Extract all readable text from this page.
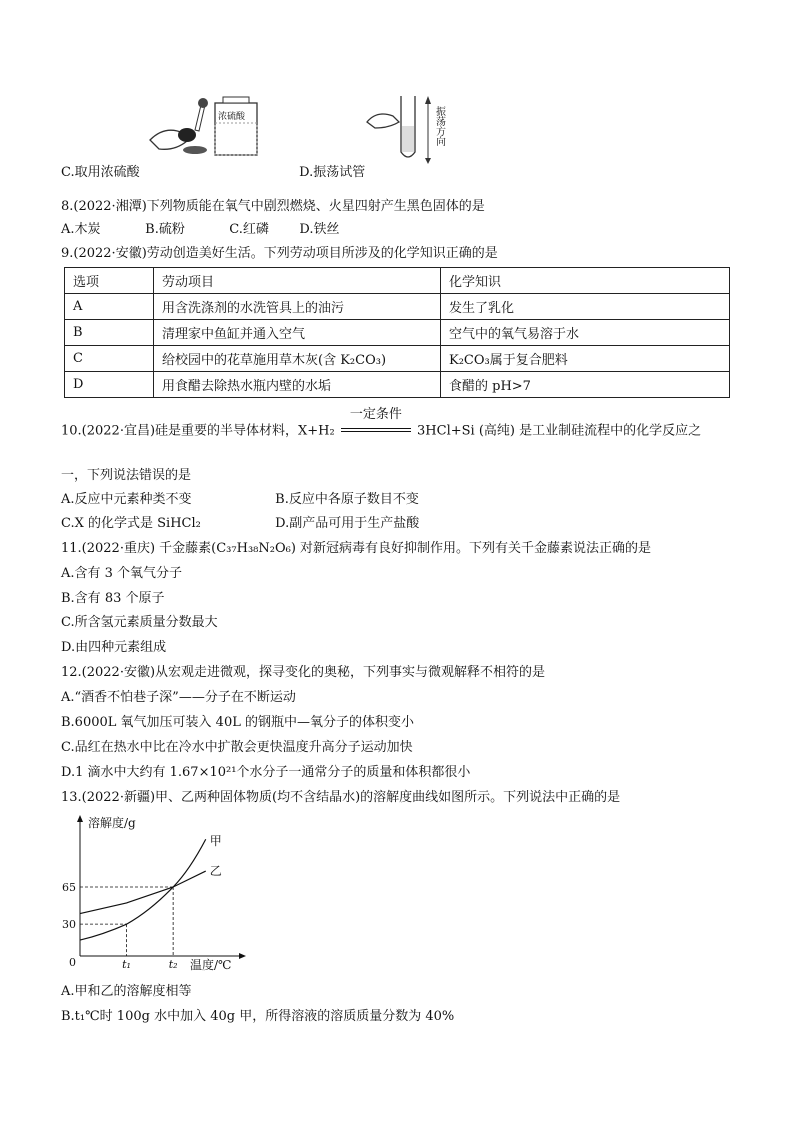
浓硫酸	振荡方向
C.取用浓硫酸	D.振荡试管
8.(2022·湘潭)下列物质能在氧气中剧烈燃烧、火星四射产生黑色固体的是
A.木炭	B.硫粉	C.红磷 D.铁丝
9.(2022·安徽)劳动创造美好生活。下列劳动项目所涉及的化学知识正确的是
选项	劳动项目	化学知识
A	用含洗涤剂的水洗管具上的油污	发生了乳化
B	清理家中鱼缸并通入空气	空气中的氧气易溶于水
C	给校园中的花草施用草木灰(含 K₂CO₃)	K₂CO₃属于复合肥料
D	用食醋去除热水瓶内壁的水垢	食醋的 pH>7
10.(2022·宜昌)硅是重要的半导体材料，X+H₂
一定条件
3HCl+Si (高纯) 是工业制硅流程中的化学反应之
一，下列说法错误的是
A.反应中元素种类不变	B.反应中各原子数目不变
C.X 的化学式是 SiHCl₂	D.副产品可用于生产盐酸
11.(2022·重庆) 千金藤素(C₃₇H₃₈N₂O₆) 对新冠病毒有良好抑制作用。下列有关千金藤素说法正确的是
A.含有 3 个氧气分子
B.含有 83 个原子
C.所含氢元素质量分数最大
D.由四种元素组成
12.(2022·安徽)从宏观走进微观，探寻变化的奥秘，下列事实与微观解释不相符的是
A.“酒香不怕巷子深”——分子在不断运动
B.6000L 氧气加压可装入 40L 的钢瓶中—氧分子的体积变小
C.品红在热水中比在冷水中扩散会更快温度升高分子运动加快
D.1 滴水中大约有 1.67×10²¹个水分子一通常分子的质量和体积都很小
13.(2022·新疆)甲、乙两种固体物质(均不含结晶水)的溶解度曲线如图所示。下列说法中正确的是
溶解度/g
温度/℃
0
甲
乙
30
65
t₁	t₂
A.甲和乙的溶解度相等
B.t₁℃时 100g 水中加入 40g 甲，所得溶液的溶质质量分数为 40%
